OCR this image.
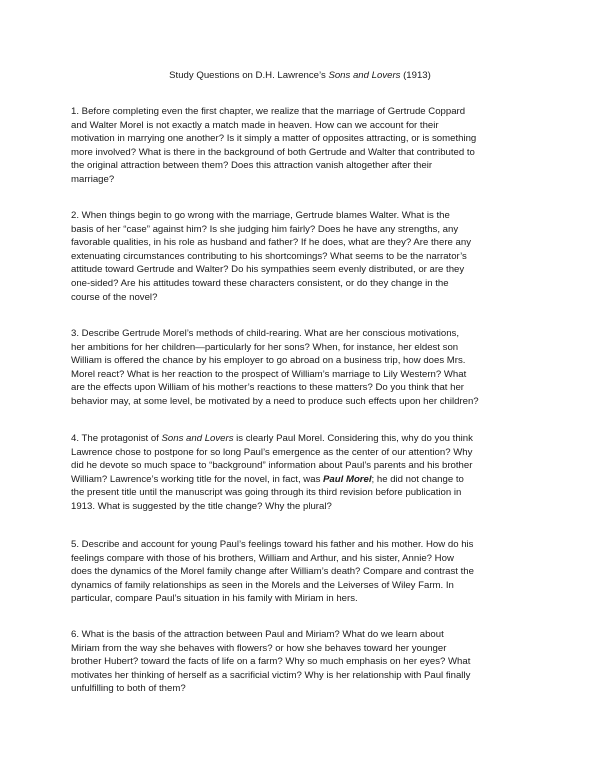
Study Questions on D.H. Lawrence’s Sons and Lovers (1913)

1. Before completing even the first chapter, we realize that the marriage of Gertrude Coppard
and Walter Morel is not exactly a match made in heaven. How can we account for their
motivation in marrying one another? Is it simply a matter of opposites attracting, or is something
more involved? What is there in the background of both Gertrude and Walter that contributed to
the original attraction between them? Does this attraction vanish altogether after their
marriage?

2. When things begin to go wrong with the marriage, Gertrude blames Walter. What is the
basis of her “case” against him? Is she judging him fairly? Does he have any strengths, any
favorable qualities, in his role as husband and father? If he does, what are they? Are there any
extenuating circumstances contributing to his shortcomings? What seems to be the narrator’s
attitude toward Gertrude and Walter? Do his sympathies seem evenly distributed, or are they
one-sided? Are his attitudes toward these characters consistent, or do they change in the
course of the novel?

3. Describe Gertrude Morel’s methods of child-rearing. What are her conscious motivations,
her ambitions for her children—particularly for her sons? When, for instance, her eldest son
William is offered the chance by his employer to go abroad on a business trip, how does Mrs.
Morel react? What is her reaction to the prospect of William’s marriage to Lily Western? What
are the effects upon William of his mother’s reactions to these matters? Do you think that her
behavior may, at some level, be motivated by a need to produce such effects upon her children?

4. The protagonist of Sons and Lovers is clearly Paul Morel. Considering this, why do you think
Lawrence chose to postpone for so long Paul’s emergence as the center of our attention? Why
did he devote so much space to “background” information about Paul’s parents and his brother
William? Lawrence’s working title for the novel, in fact, was Paul Morel; he did not change to
the present title until the manuscript was going through its third revision before publication in
1913. What is suggested by the title change? Why the plural?

5. Describe and account for young Paul’s feelings toward his father and his mother. How do his
feelings compare with those of his brothers, William and Arthur, and his sister, Annie? How
does the dynamics of the Morel family change after William’s death? Compare and contrast the
dynamics of family relationships as seen in the Morels and the Leiverses of Wiley Farm. In
particular, compare Paul’s situation in his family with Miriam in hers.

6. What is the basis of the attraction between Paul and Miriam? What do we learn about
Miriam from the way she behaves with flowers? or how she behaves toward her younger
brother Hubert? toward the facts of life on a farm? Why so much emphasis on her eyes? What
motivates her thinking of herself as a sacrificial victim? Why is her relationship with Paul finally
unfulfilling to both of them?
